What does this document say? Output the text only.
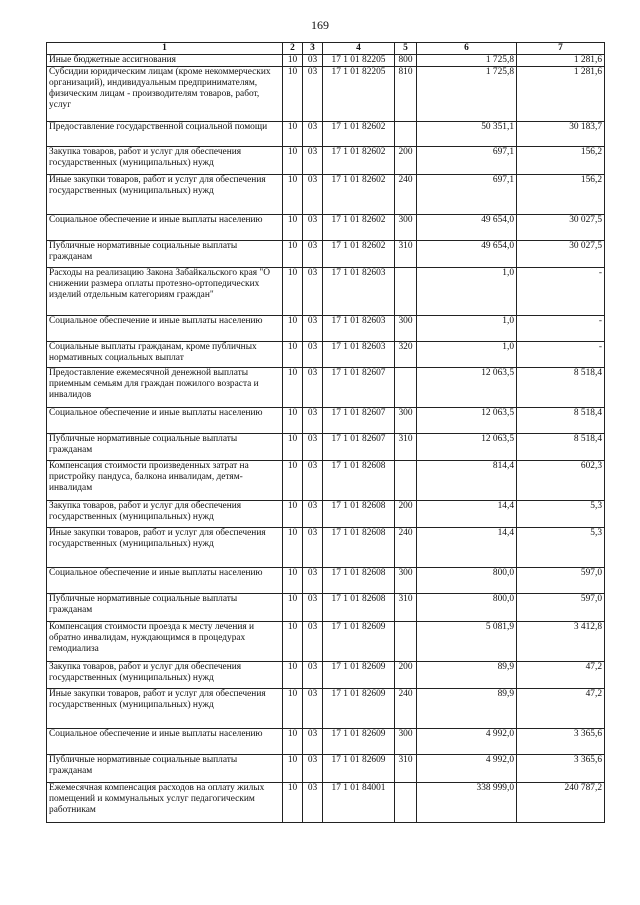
169
1	2	3	4	5	6	7
Иные бюджетные ассигнования	10	03	17 1 01 82205	800	1 725,8	1 281,6
Субсидии юридическим лицам (кроме некоммерческих организаций), индивидуальным предпринимателям, физическим лицам - производителям товаров, работ, услуг	10	03	17 1 01 82205	810	1 725,8	1 281,6
Предоставление государственной социальной помощи	10	03	17 1 01 82602		50 351,1	30 183,7
Закупка товаров, работ и услуг для обеспечения государственных (муниципальных) нужд	10	03	17 1 01 82602	200	697,1	156,2
Иные закупки товаров, работ и услуг для обеспечения государственных (муниципальных) нужд	10	03	17 1 01 82602	240	697,1	156,2
Социальное обеспечение и иные выплаты населению	10	03	17 1 01 82602	300	49 654,0	30 027,5
Публичные нормативные социальные выплаты гражданам	10	03	17 1 01 82602	310	49 654,0	30 027,5
Расходы на реализацию Закона Забайкальского края "О снижении размера оплаты протезно-ортопедических изделий отдельным категориям граждан"	10	03	17 1 01 82603		1,0	-
Социальное обеспечение и иные выплаты населению	10	03	17 1 01 82603	300	1,0	-
Социальные выплаты гражданам, кроме публичных нормативных социальных выплат	10	03	17 1 01 82603	320	1,0	-
Предоставление ежемесячной денежной выплаты приемным семьям для граждан пожилого возраста и инвалидов	10	03	17 1 01 82607		12 063,5	8 518,4
Социальное обеспечение и иные выплаты населению	10	03	17 1 01 82607	300	12 063,5	8 518,4
Публичные нормативные социальные выплаты гражданам	10	03	17 1 01 82607	310	12 063,5	8 518,4
Компенсация стоимости произведенных затрат на пристройку пандуса, балкона инвалидам, детям-инвалидам	10	03	17 1 01 82608		814,4	602,3
Закупка товаров, работ и услуг для обеспечения государственных (муниципальных) нужд	10	03	17 1 01 82608	200	14,4	5,3
Иные закупки товаров, работ и услуг для обеспечения государственных (муниципальных) нужд	10	03	17 1 01 82608	240	14,4	5,3
Социальное обеспечение и иные выплаты населению	10	03	17 1 01 82608	300	800,0	597,0
Публичные нормативные социальные выплаты гражданам	10	03	17 1 01 82608	310	800,0	597,0
Компенсация стоимости проезда к месту лечения и обратно инвалидам, нуждающимся в процедурах гемодиализа	10	03	17 1 01 82609		5 081,9	3 412,8
Закупка товаров, работ и услуг для обеспечения государственных (муниципальных) нужд	10	03	17 1 01 82609	200	89,9	47,2
Иные закупки товаров, работ и услуг для обеспечения государственных (муниципальных) нужд	10	03	17 1 01 82609	240	89,9	47,2
Социальное обеспечение и иные выплаты населению	10	03	17 1 01 82609	300	4 992,0	3 365,6
Публичные нормативные социальные выплаты гражданам	10	03	17 1 01 82609	310	4 992,0	3 365,6
Ежемесячная компенсация расходов на оплату жилых помещений и коммунальных услуг педагогическим работникам	10	03	17 1 01 84001		338 999,0	240 787,2
